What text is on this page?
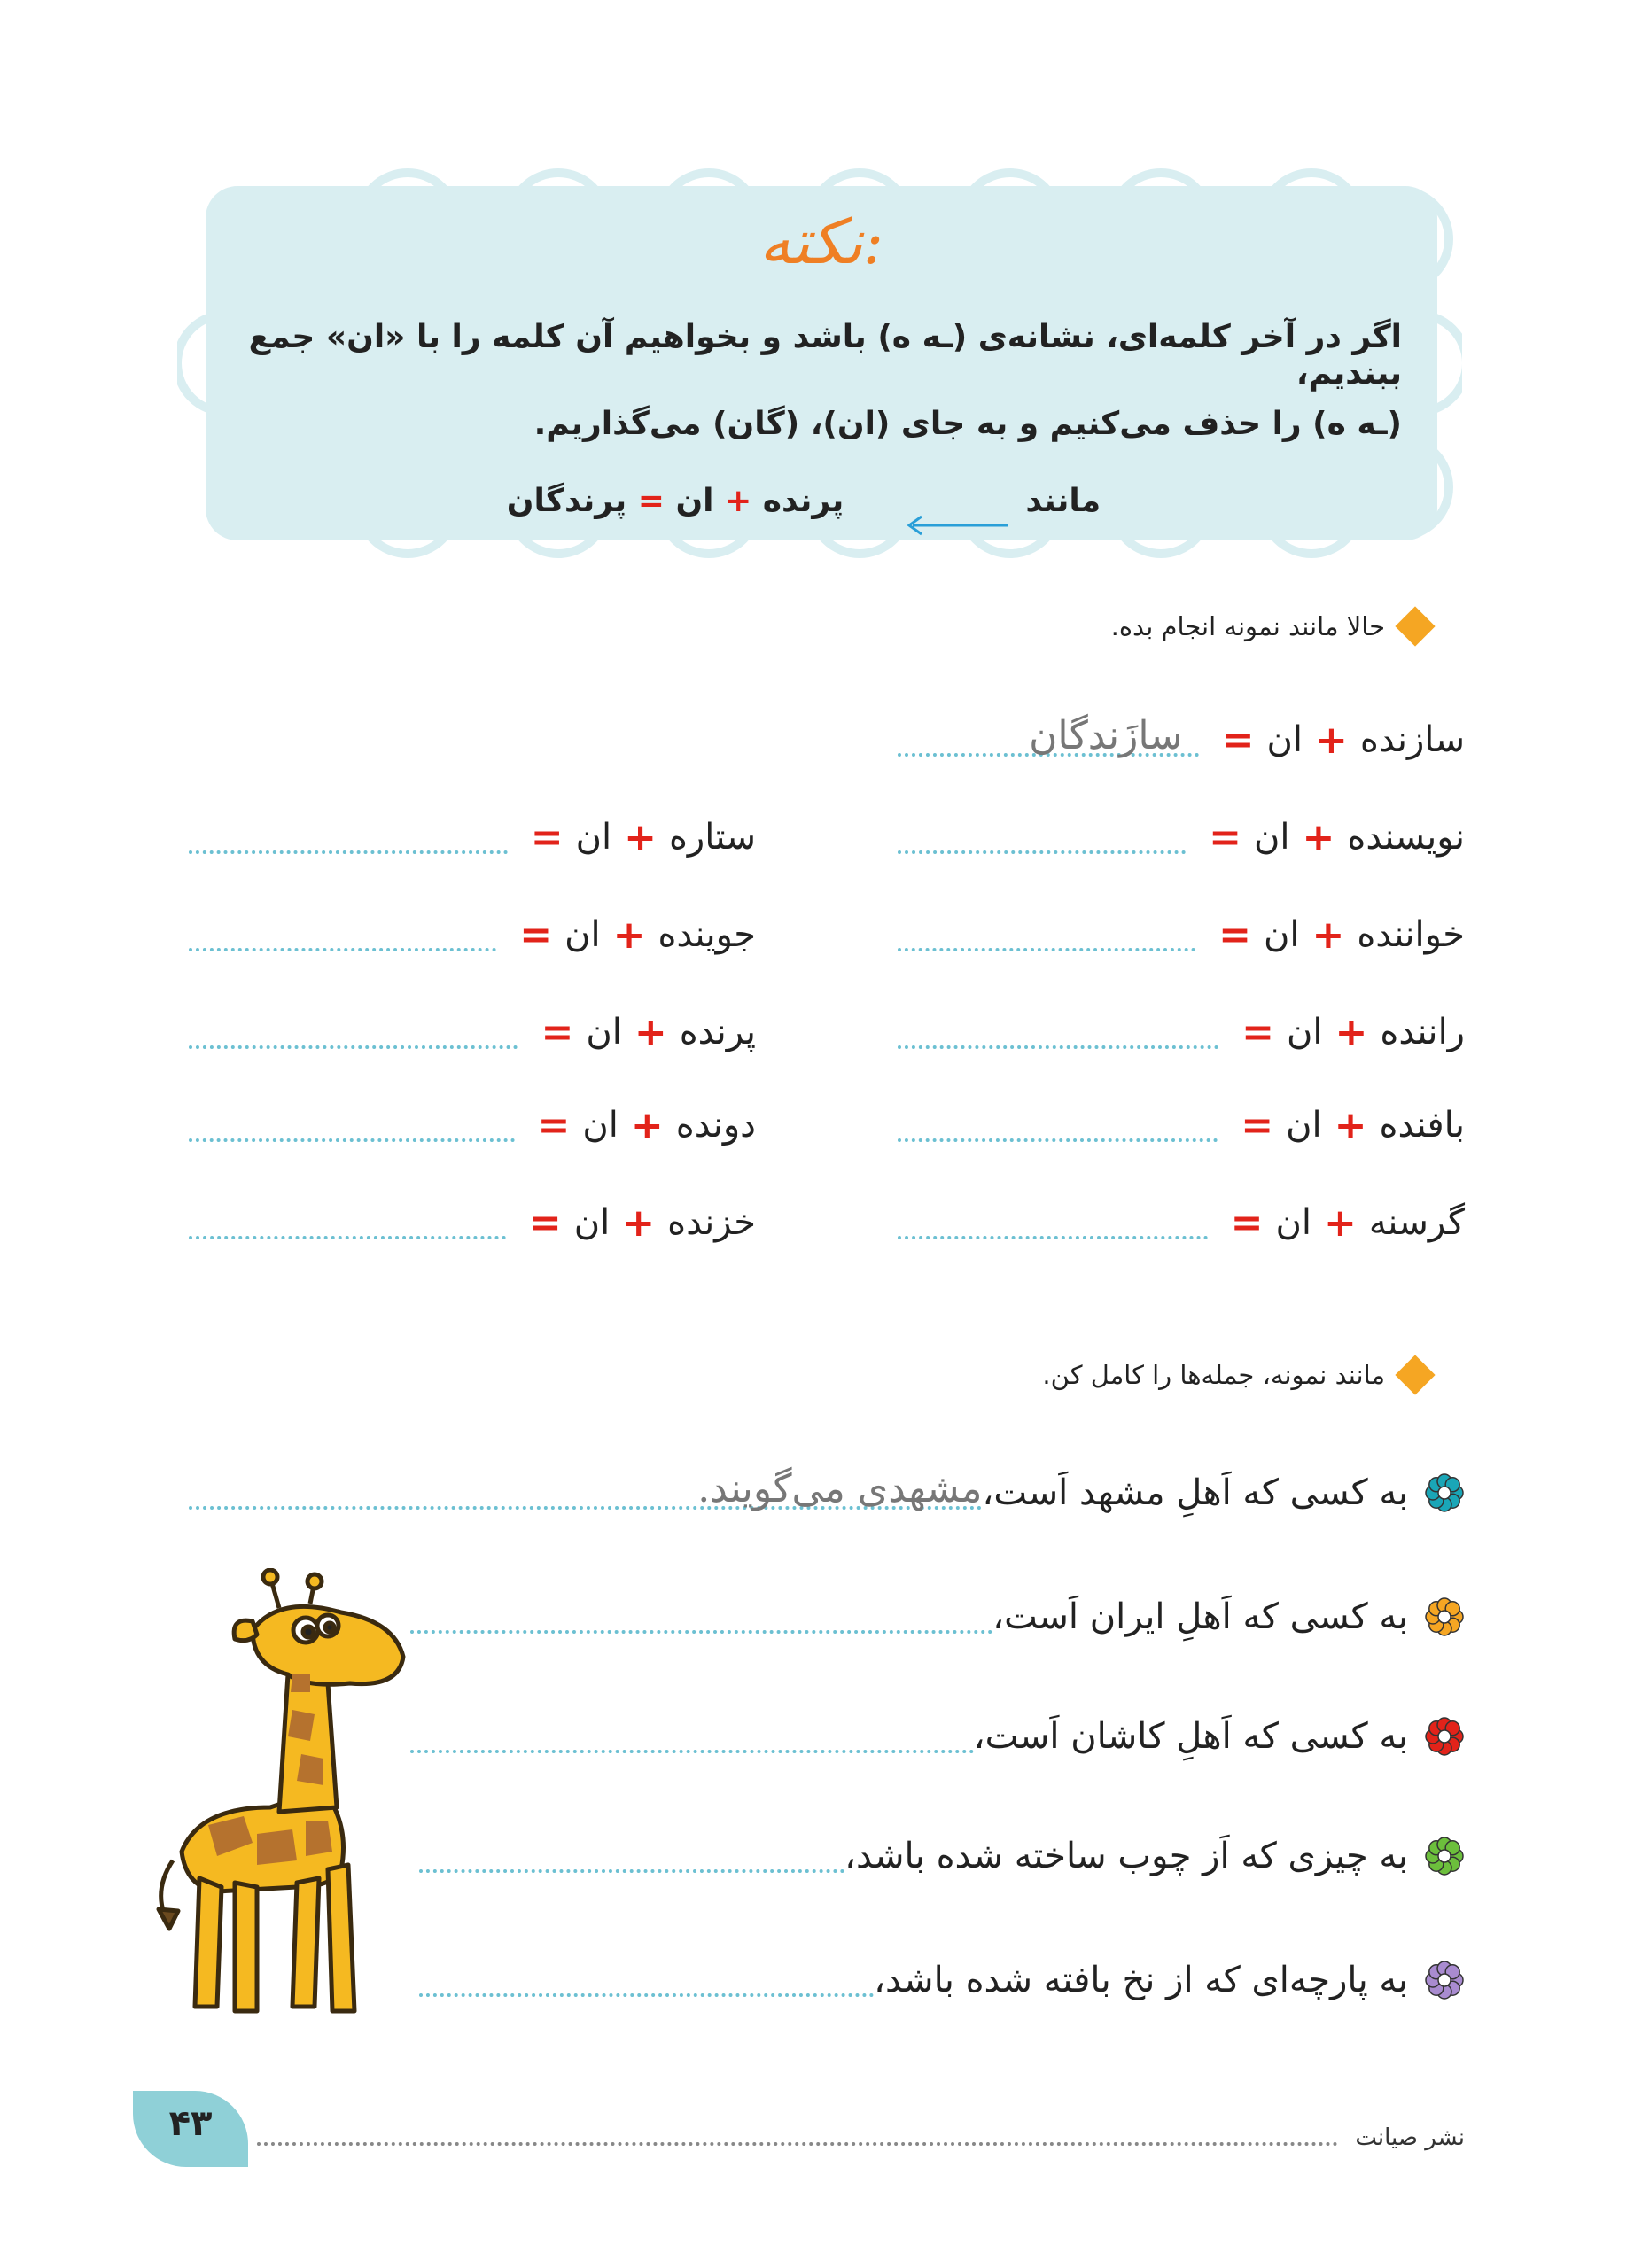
نکته:
اگر در آخر کلمه‌ای، نشانه‌ی (ـه ه) باشد و بخواهیم آن کلمه را با «ان» جمع ببندیم،
(ـه ه) را حذف می‌کنیم و به جای (ان)، (گان) می‌گذاریم.
مانند  پرنده + ان = پرندگان
حالا مانند نمونه انجام بده.
سازنده
+
ان
=
سازَندگان
نویسنده
+
ان
=
خواننده
+
ان
=
راننده
+
ان
=
بافنده
+
ان
=
گرسنه
+
ان
=
ستاره
+
ان
=
جوینده
+
ان
=
پرنده
+
ان
=
دونده
+
ان
=
خزنده
+
ان
=
مانند نمونه، جمله‌ها را کامل کن.
به کسی که اَهلِ مشهد اَست،
مشهدی می‌گویند.
به کسی که اَهلِ ایران اَست،
به کسی که اَهلِ کاشان اَست،
به چیزی که اَز چوب ساخته شده باشد،
به پارچه‌ای که از نخ بافته شده باشد،
۴۳	نشر صیانت
